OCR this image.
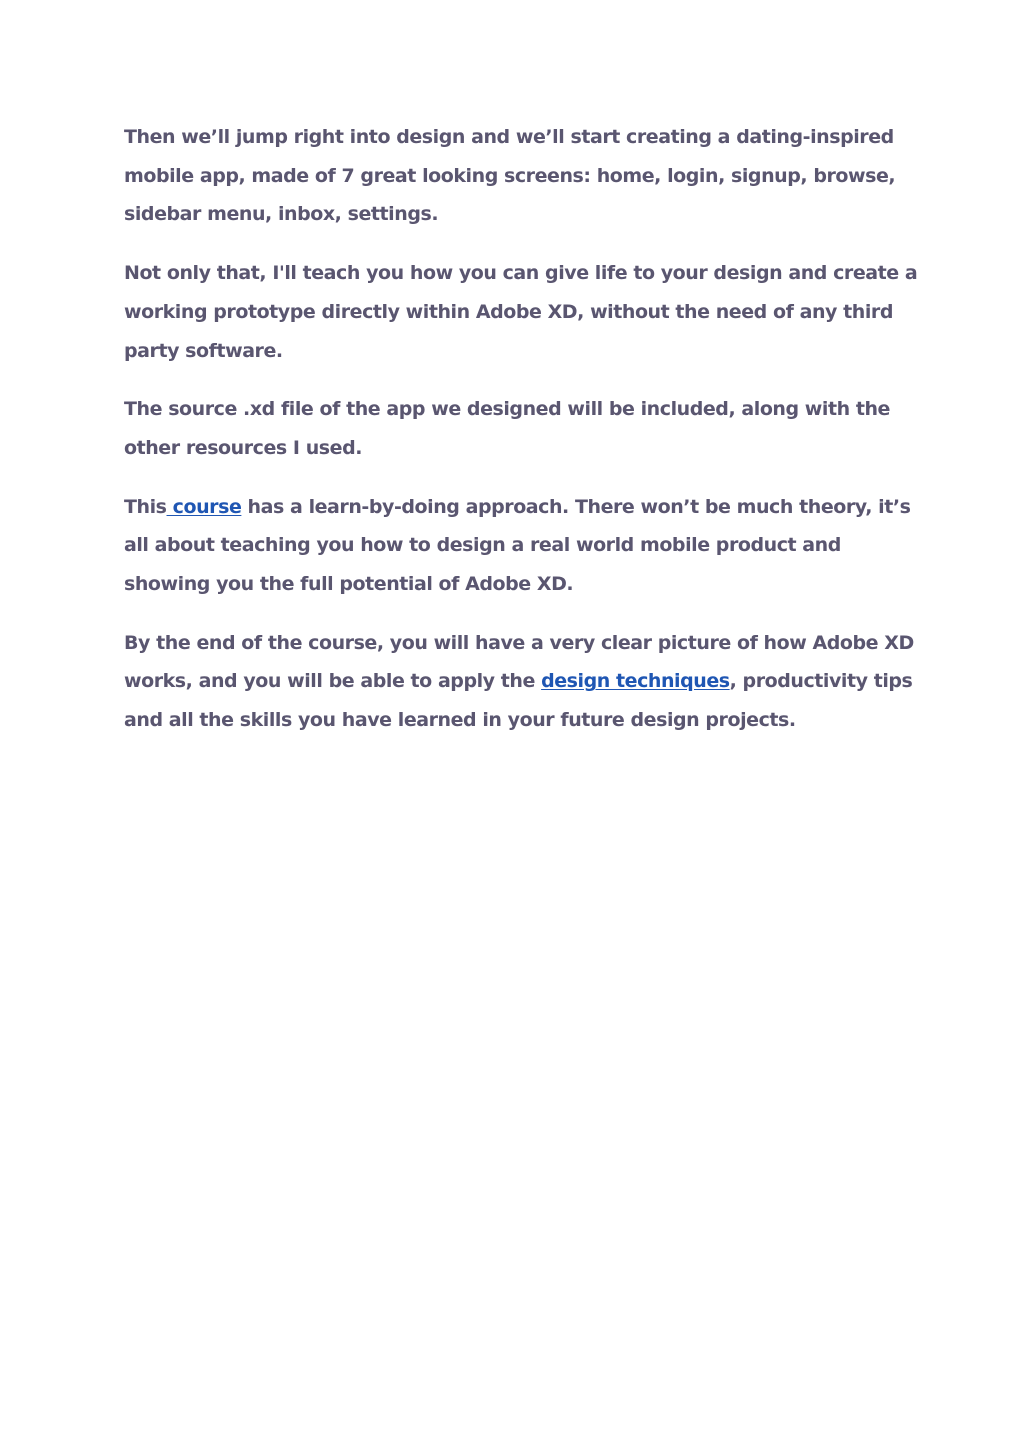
Then we’ll jump right into design and we’ll start creating a dating-inspired mobile app, made of 7 great looking screens: home, login, signup, browse, sidebar menu, inbox, settings.

Not only that, I'll teach you how you can give life to your design and create a working prototype directly within Adobe XD, without the need of any third party software.

The source .xd file of the app we designed will be included, along with the other resources I used.

This course has a learn-by-doing approach. There won’t be much theory, it’s all about teaching you how to design a real world mobile product and showing you the full potential of Adobe XD.

By the end of the course, you will have a very clear picture of how Adobe XD works, and you will be able to apply the design techniques, productivity tips and all the skills you have learned in your future design projects.
